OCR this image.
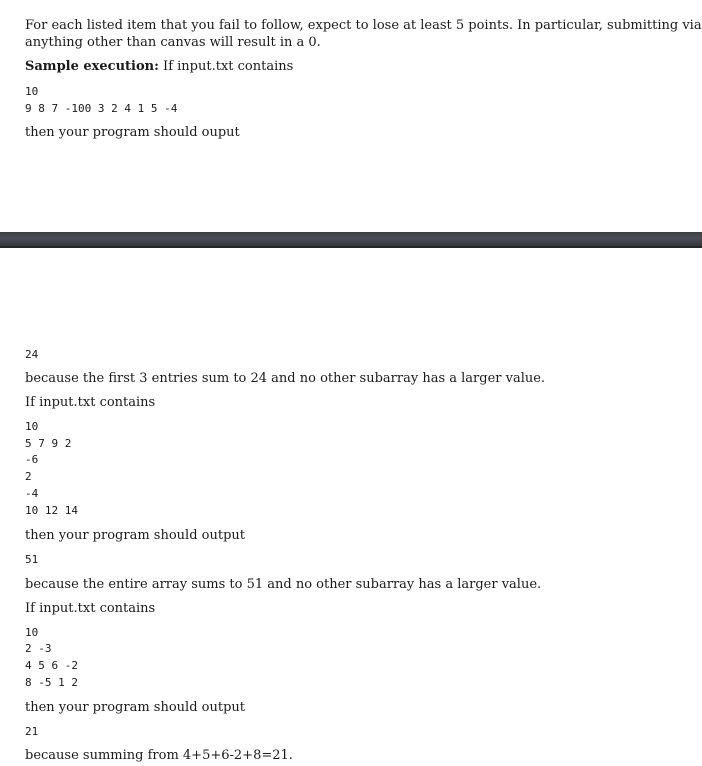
For each listed item that you fail to follow, expect to lose at least 5 points. In particular, submitting via

anything other than canvas will result in a 0.

Sample execution: If input.txt contains

10
9 8 7 -100 3 2 4 1 5 -4

then your program should ouput

24

because the first 3 entries sum to 24 and no other subarray has a larger value.

If input.txt contains

10
5 7 9 2
-6
2
-4
10 12 14

then your program should output

51

because the entire array sums to 51 and no other subarray has a larger value.

If input.txt contains

10
2 -3
4 5 6 -2
8 -5 1 2

then your program should output

21

because summing from 4+5+6-2+8=21.
